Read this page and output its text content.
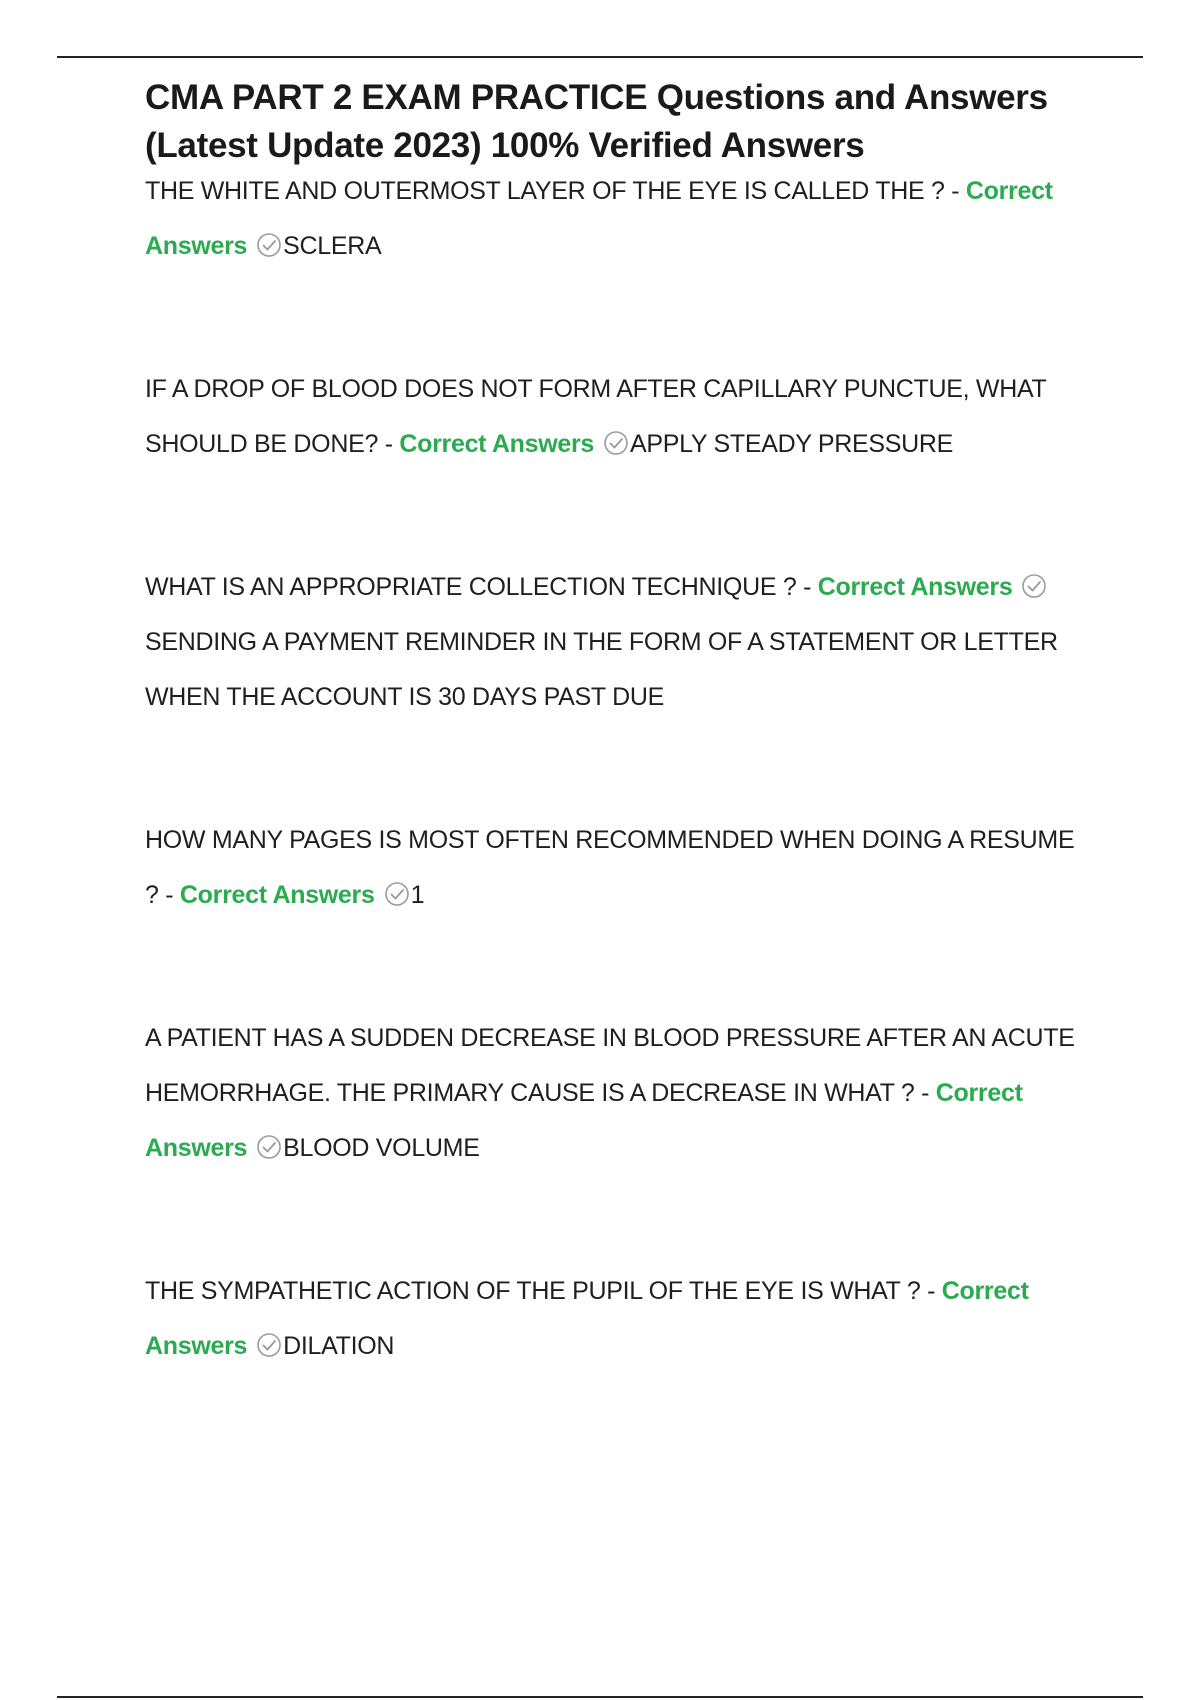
CMA PART 2 EXAM PRACTICE Questions and Answers (Latest Update 2023) 100% Verified Answers
THE WHITE AND OUTERMOST LAYER OF THE EYE IS CALLED THE ? - Correct Answers SCLERA
IF A DROP OF BLOOD DOES NOT FORM AFTER CAPILLARY PUNCTUE, WHAT SHOULD BE DONE? - Correct Answers APPLY STEADY PRESSURE
WHAT IS AN APPROPRIATE COLLECTION TECHNIQUE ? - Correct Answers
SENDING A PAYMENT REMINDER IN THE FORM OF A STATEMENT OR LETTER WHEN THE ACCOUNT IS 30 DAYS PAST DUE
HOW MANY PAGES IS MOST OFTEN RECOMMENDED WHEN DOING A RESUME ? - Correct Answers 1
A PATIENT HAS A SUDDEN DECREASE IN BLOOD PRESSURE AFTER AN ACUTE HEMORRHAGE. THE PRIMARY CAUSE IS A DECREASE IN WHAT ? - Correct Answers BLOOD VOLUME
THE SYMPATHETIC ACTION OF THE PUPIL OF THE EYE IS WHAT ? - Correct Answers DILATION
